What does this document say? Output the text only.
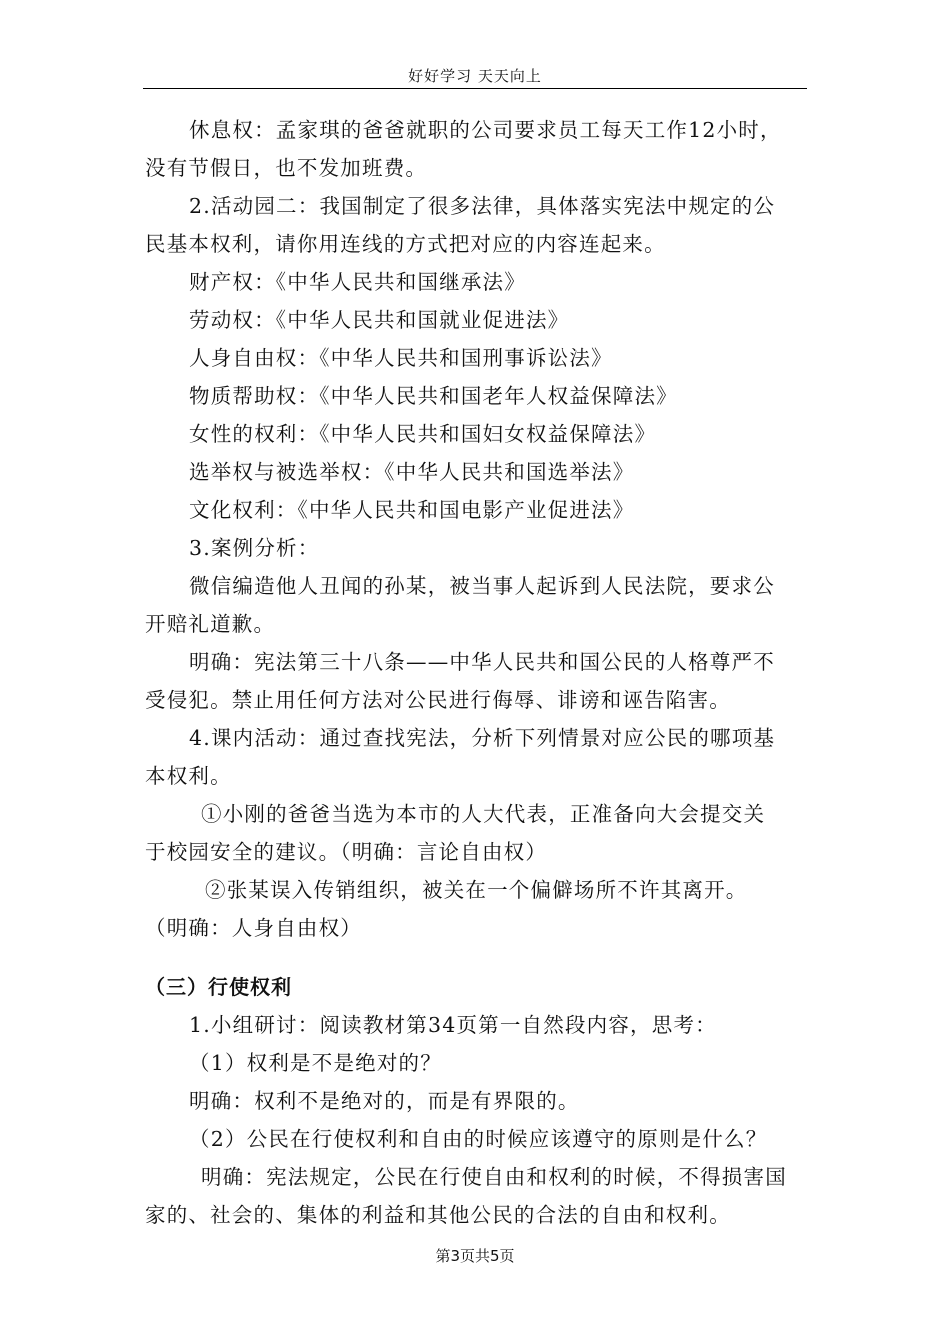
好好学习 天天向上

休息权：孟家琪的爸爸就职的公司要求员工每天工作12小时，

没有节假日，也不发加班费。

2.活动园二：我国制定了很多法律，具体落实宪法中规定的公

民基本权利，请你用连线的方式把对应的内容连起来。

财产权：《中华人民共和国继承法》

劳动权：《中华人民共和国就业促进法》

人身自由权：《中华人民共和国刑事诉讼法》

物质帮助权：《中华人民共和国老年人权益保障法》

女性的权利：《中华人民共和国妇女权益保障法》

选举权与被选举权：《中华人民共和国选举法》

文化权利：《中华人民共和国电影产业促进法》

3.案例分析：

微信编造他人丑闻的孙某，被当事人起诉到人民法院，要求公

开赔礼道歉。

明确：宪法第三十八条——中华人民共和国公民的人格尊严不

受侵犯。禁止用任何方法对公民进行侮辱、诽谤和诬告陷害。

4.课内活动：通过查找宪法，分析下列情景对应公民的哪项基

本权利。

①小刚的爸爸当选为本市的人大代表，正准备向大会提交关

于校园安全的建议。（明确：言论自由权）

②张某误入传销组织，被关在一个偏僻场所不许其离开。

（明确：人身自由权）

（三）行使权利

1.小组研讨：阅读教材第34页第一自然段内容，思考：

（1）权利是不是绝对的？

明确：权利不是绝对的，而是有界限的。

（2）公民在行使权利和自由的时候应该遵守的原则是什么？

明确：宪法规定，公民在行使自由和权利的时候，不得损害国

家的、社会的、集体的利益和其他公民的合法的自由和权利。

第3页共5页
